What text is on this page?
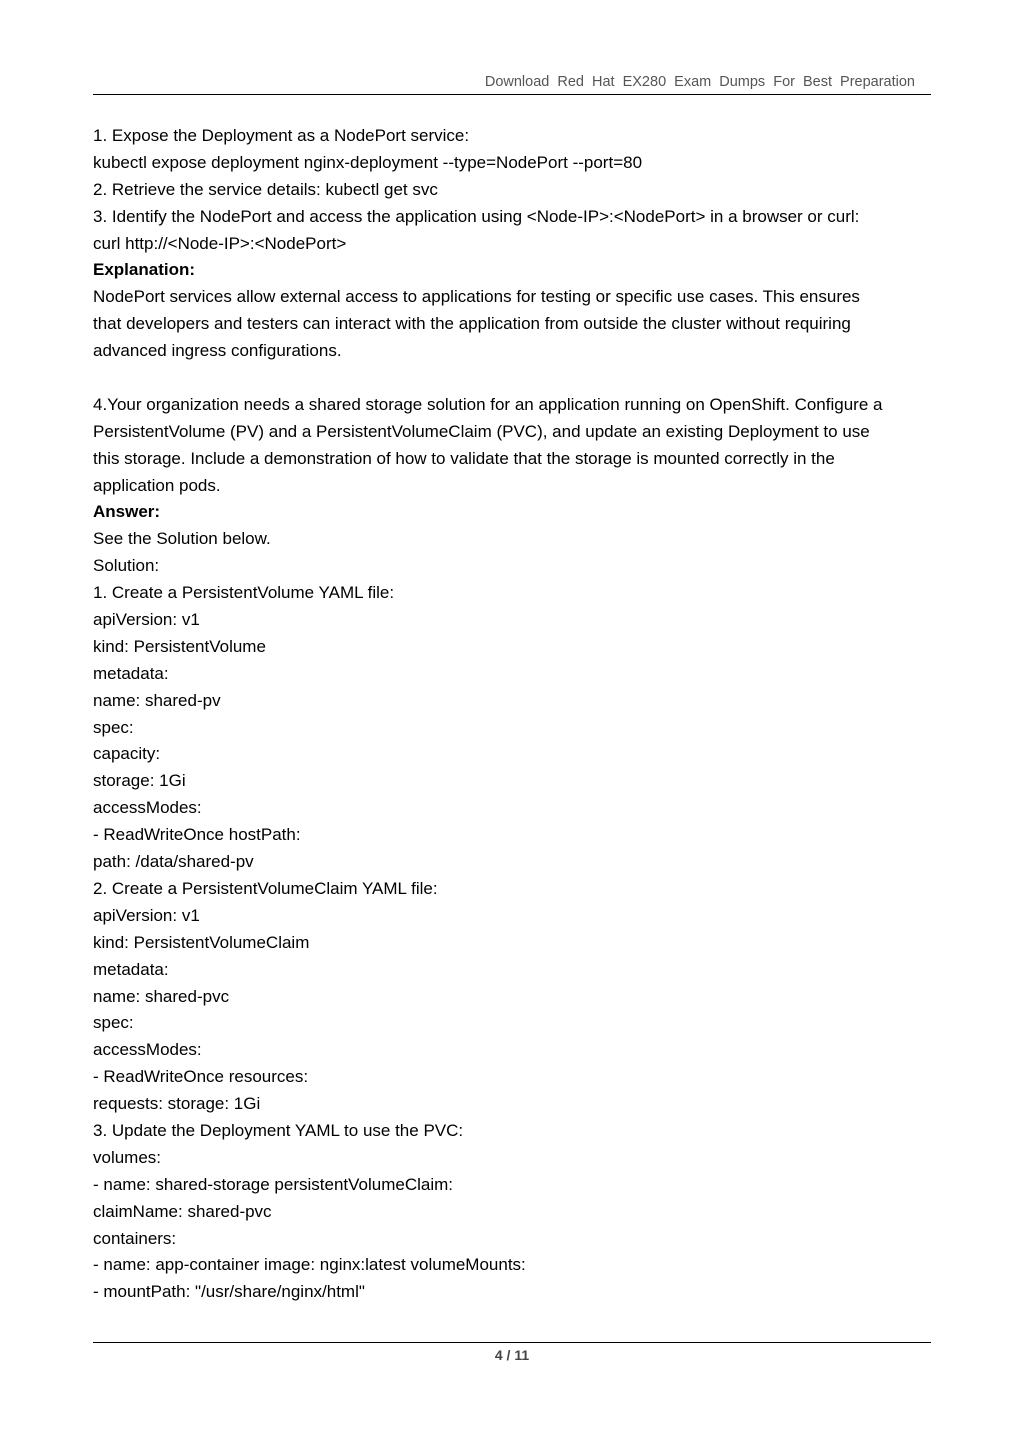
Download Red Hat EX280 Exam Dumps For Best Preparation
1. Expose the Deployment as a NodePort service:
kubectl expose deployment nginx-deployment --type=NodePort --port=80
2. Retrieve the service details: kubectl get svc
3. Identify the NodePort and access the application using <Node-IP>:<NodePort> in a browser or curl:
curl http://<Node-IP>:<NodePort>
Explanation:
NodePort services allow external access to applications for testing or specific use cases. This ensures
that developers and testers can interact with the application from outside the cluster without requiring
advanced ingress configurations.
4.Your organization needs a shared storage solution for an application running on OpenShift. Configure a
PersistentVolume (PV) and a PersistentVolumeClaim (PVC), and update an existing Deployment to use
this storage. Include a demonstration of how to validate that the storage is mounted correctly in the
application pods.
Answer:
See the Solution below.
Solution:
1. Create a PersistentVolume YAML file:
apiVersion: v1
kind: PersistentVolume
metadata:
name: shared-pv
spec:
capacity:
storage: 1Gi
accessModes:
- ReadWriteOnce hostPath:
path: /data/shared-pv
2. Create a PersistentVolumeClaim YAML file:
apiVersion: v1
kind: PersistentVolumeClaim
metadata:
name: shared-pvc
spec:
accessModes:
- ReadWriteOnce resources:
requests: storage: 1Gi
3. Update the Deployment YAML to use the PVC:
volumes:
- name: shared-storage persistentVolumeClaim:
claimName: shared-pvc
containers:
- name: app-container image: nginx:latest volumeMounts:
- mountPath: "/usr/share/nginx/html"
4 / 11
